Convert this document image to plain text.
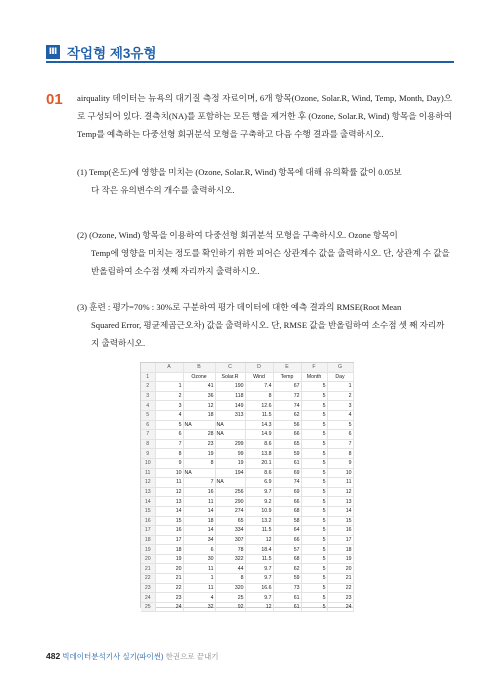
Ⅲ 작업형 제3유형
01 airquality 데이터는 뉴욕의 대기질 측정 자료이며, 6개 항목(Ozone, Solar.R, Wind, Temp, Month, Day)으로 구성되어 있다. 결측치(NA)를 포함하는 모든 행을 제거한 후 (Ozone, Solar.R, Wind) 항목을 이용하여 Temp를 예측하는 다중선형 회귀분석 모형을 구축하고 다음 수행 결과를 출력하시오.
(1) Temp(온도)에 영향을 미치는 (Ozone, Solar.R, Wind) 항목에 대해 유의확률 값이 0.05보
다 작은 유의변수의 개수를 출력하시오.
(2) (Ozone, Wind) 항목을 이용하여 다중선형 회귀분석 모형을 구축하시오. Ozone 항목이
Temp에 영향을 미치는 정도를 확인하기 위한 피어슨 상관계수 값을 출력하시오. 단, 상관계 수 값을 반올림하여 소수점 셋째 자리까지 출력하시오.
(3) 훈련 : 평가=70% : 30%로 구분하여 평가 데이터에 대한 예측 결과의 RMSE(Root Mean
Squared Error, 평균제곱근오차) 값을 출력하시오. 단, RMSE 값을 반올림하여 소수점 셋 째 자리까지 출력하시오.
	A	B	C	D	E	F	G
1		Ozone	Solar.R	Wind	Temp	Month	Day
2	1	41	190	7.4	67	5	1
3	2	36	118	8	72	5	2
4	3	12	149	12.6	74	5	3
5	4	18	313	11.5	62	5	4
6	5	NA	NA	14.3	56	5	5
7	6	28	NA	14.9	66	5	6
8	7	23	299	8.6	65	5	7
9	8	19	99	13.8	59	5	8
10	9	8	19	20.1	61	5	9
11	10	NA	194	8.6	69	5	10
12	11	7	NA	6.9	74	5	11
13	12	16	256	9.7	69	5	12
14	13	11	290	9.2	66	5	13
15	14	14	274	10.9	68	5	14
16	15	18	65	13.2	58	5	15
17	16	14	334	11.5	64	5	16
18	17	34	307	12	66	5	17
19	18	6	78	18.4	57	5	18
20	19	30	322	11.5	68	5	19
21	20	11	44	9.7	62	5	20
22	21	1	8	9.7	59	5	21
23	22	11	320	16.6	73	5	22
24	23	4	25	9.7	61	5	23
25	24	32	92	12	61	5	24
482 빅데이터분석기사 실기(파이썬) 한권으로 끝내기
